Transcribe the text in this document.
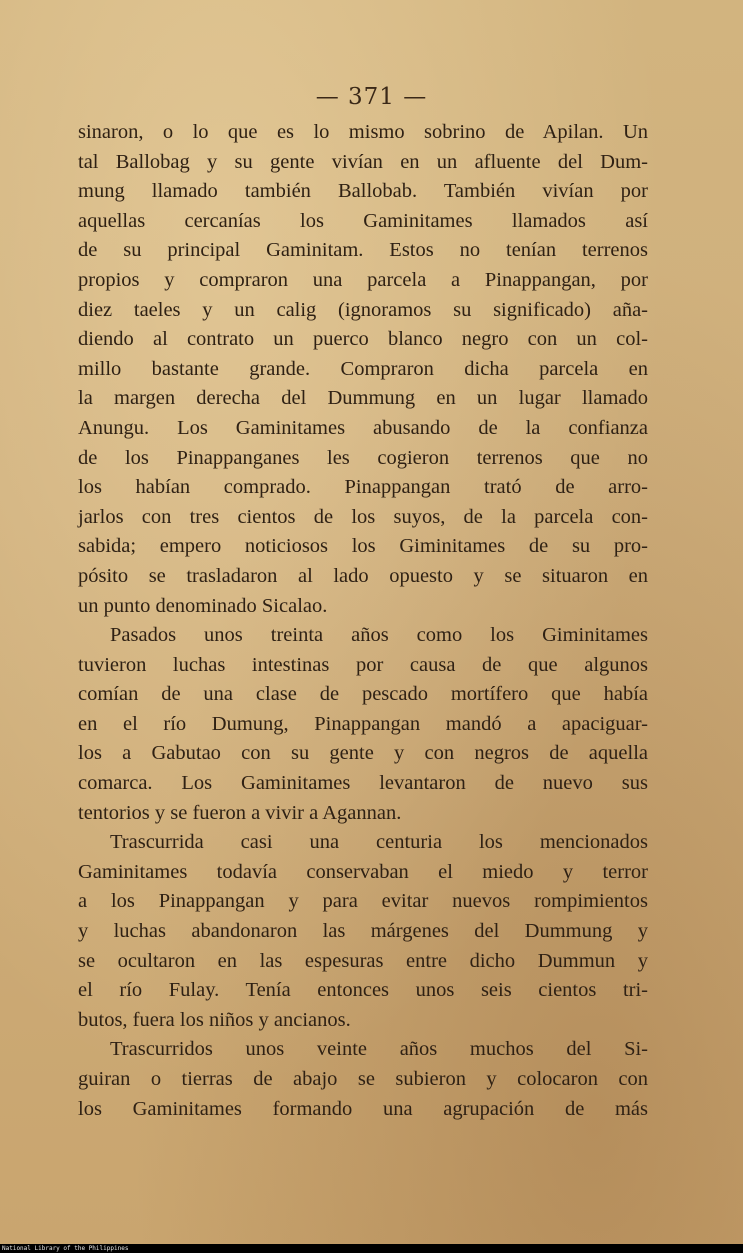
— 371 —
sinaron, o lo que es lo mismo sobrino de Apilan. Un
tal Ballobag y su gente vivían en un afluente del Dum-
mung llamado también Ballobab. También vivían por
aquellas cercanías los Gaminitames llamados así
de su principal Gaminitam. Estos no tenían terrenos
propios y compraron una parcela a Pinappangan, por
diez taeles y un calig (ignoramos su significado) aña-
diendo al contrato un puerco blanco negro con un col-
millo bastante grande. Compraron dicha parcela en
la margen derecha del Dummung en un lugar llamado
Anungu. Los Gaminitames abusando de la confianza
de los Pinappanganes les cogieron terrenos que no
los habían comprado. Pinappangan trató de arro-
jarlos con tres cientos de los suyos, de la parcela con-
sabida; empero noticiosos los Giminitames de su pro-
pósito se trasladaron al lado opuesto y se situaron en
un punto denominado Sicalao.
Pasados unos treinta años como los Giminitames
tuvieron luchas intestinas por causa de que algunos
comían de una clase de pescado mortífero que había
en el río Dumung, Pinappangan mandó a apaciguar-
los a Gabutao con su gente y con negros de aquella
comarca. Los Gaminitames levantaron de nuevo sus
tentorios y se fueron a vivir a Agannan.
Trascurrida casi una centuria los mencionados
Gaminitames todavía conservaban el miedo y terror
a los Pinappangan y para evitar nuevos rompimientos
y luchas abandonaron las márgenes del Dummung y
se ocultaron en las espesuras entre dicho Dummun y
el río Fulay. Tenía entonces unos seis cientos tri-
butos, fuera los niños y ancianos.
Trascurridos unos veinte años muchos del Si-
guiran o tierras de abajo se subieron y colocaron con
los Gaminitames formando una agrupación de más
National Library of the Philippines
